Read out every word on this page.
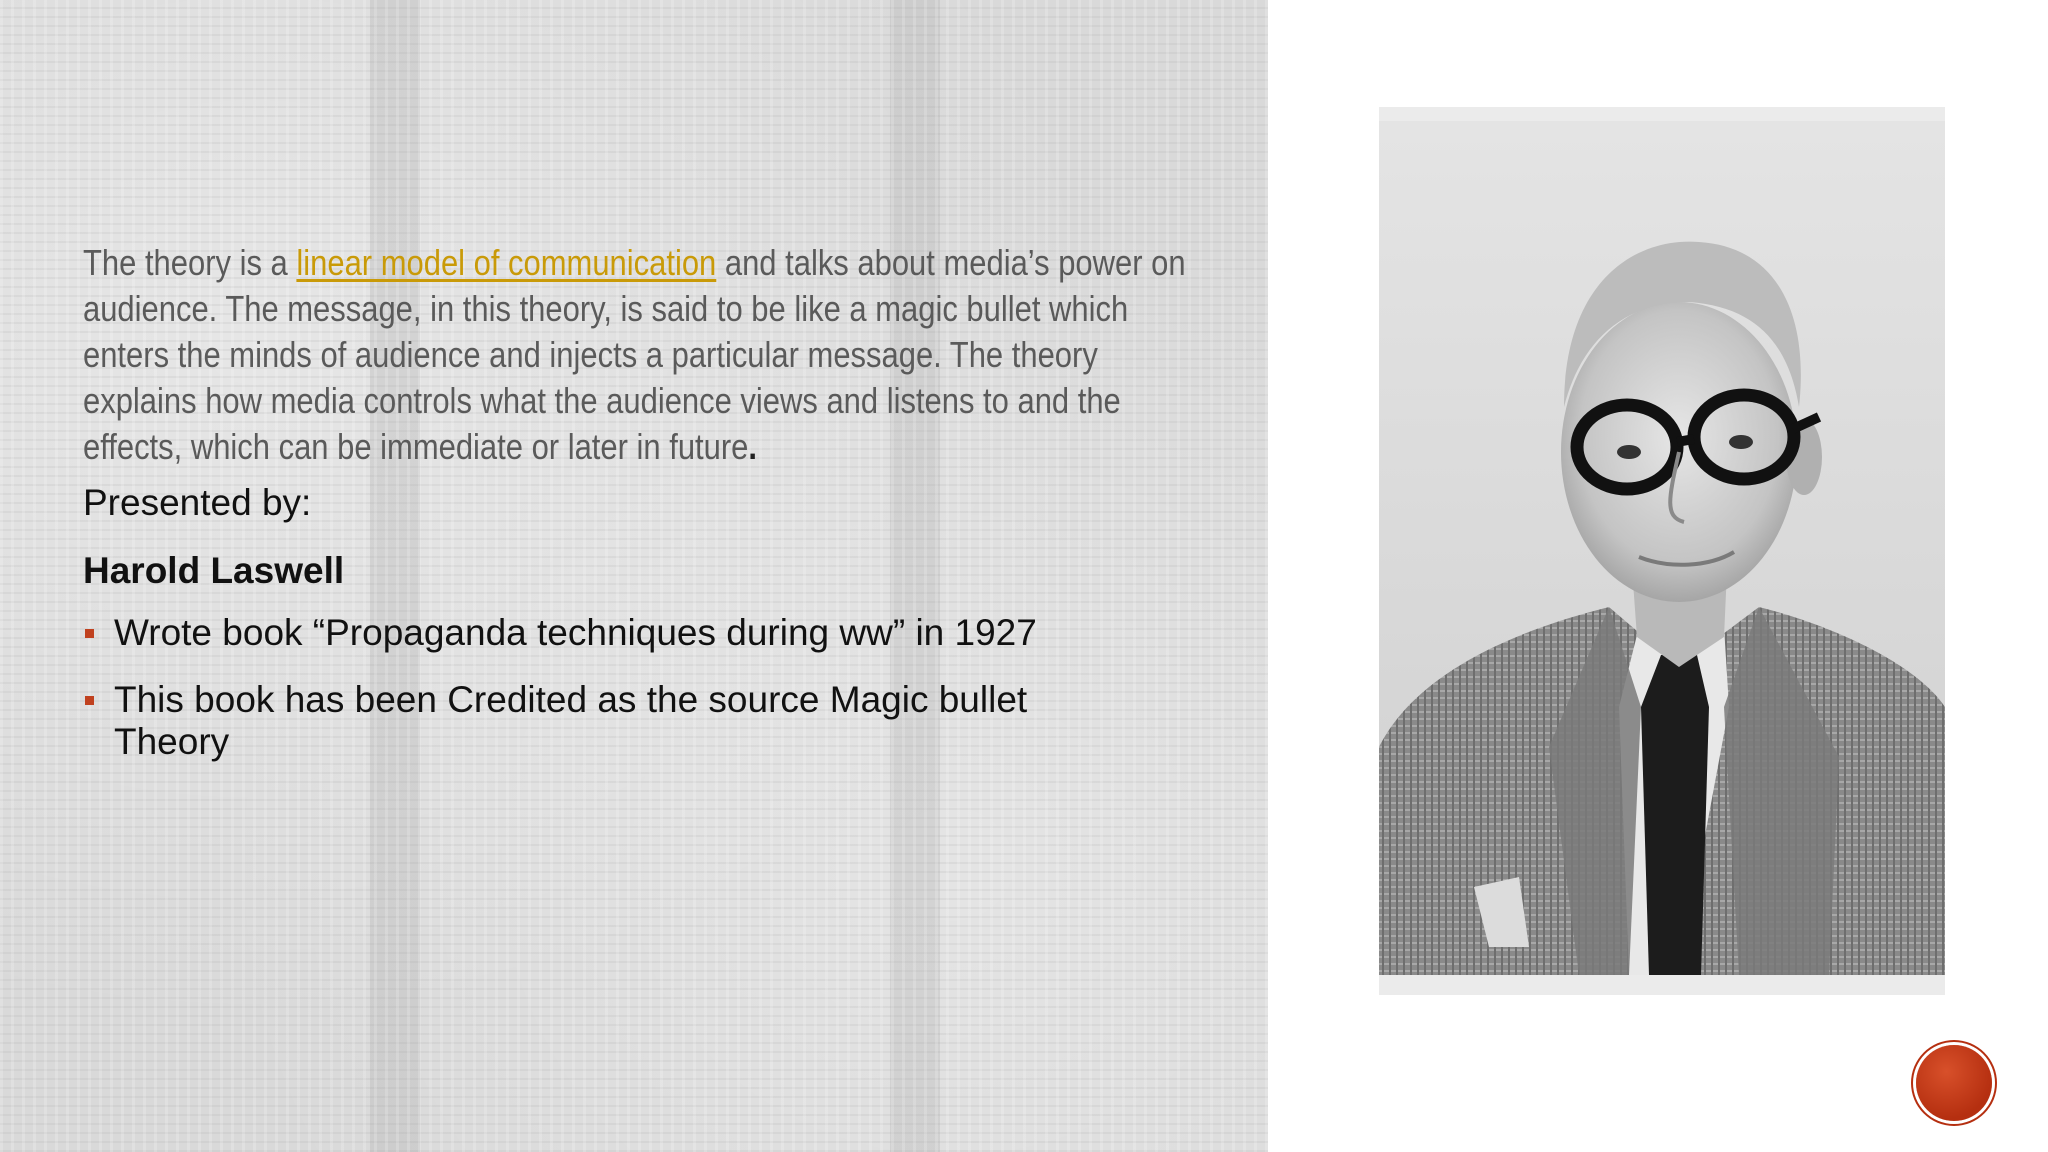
The theory is a linear model of communication and talks about media’s power on audience. The message, in this theory, is said to be like a magic bullet which enters the minds of audience and injects a particular message. The theory explains how media controls what the audience views and listens to and the effects, which can be immediate or later in future.

Presented by:

Harold Laswell

Wrote book “Propaganda techniques during ww” in 1927
This book has been Credited as the source Magic bullet Theory
